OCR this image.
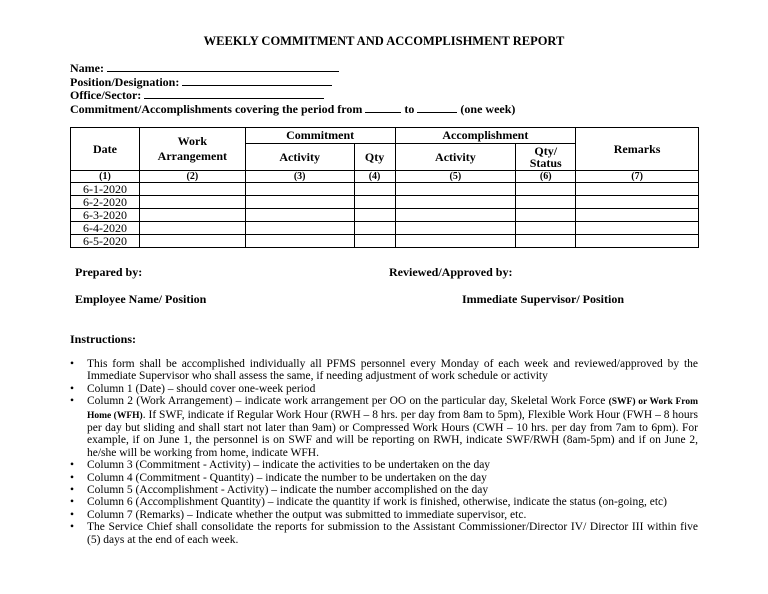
WEEKLY COMMITMENT AND ACCOMPLISHMENT REPORT
Name:
Position/Designation:
Office/Sector:
Commitment/Accomplishments covering the period from	to	(one week)
Date	Work Arrangement	Commitment		Accomplishment		Remarks
		Activity	Qty	Activity	Qty/ Status	
(1)	(2)	(3)	(4)	(5)	(6)	(7)
6-1-2020						
6-2-2020						
6-3-2020						
6-4-2020						
6-5-2020						
Prepared by:	Reviewed/Approved by:
Employee Name/ Position	Immediate Supervisor/ Position
Instructions:
• This form shall be accomplished individually all PFMS personnel every Monday of each week and reviewed/approved by the Immediate Supervisor who shall assess the same, if needing adjustment of work schedule or activity
• Column 1 (Date) – should cover one-week period
• Column 2 (Work Arrangement) – indicate work arrangement per OO on the particular day, Skeletal Work Force (SWF) or Work From Home (WFH). If SWF, indicate if Regular Work Hour (RWH – 8 hrs. per day from 8am to 5pm), Flexible Work Hour (FWH – 8 hours per day but sliding and shall start not later than 9am) or Compressed Work Hours (CWH – 10 hrs. per day from 7am to 6pm). For example, if on June 1, the personnel is on SWF and will be reporting on RWH, indicate SWF/RWH (8am-5pm) and if on June 2, he/she will be working from home, indicate WFH.
• Column 3 (Commitment - Activity) – indicate the activities to be undertaken on the day
• Column 4 (Commitment - Quantity) – indicate the number to be undertaken on the day
• Column 5 (Accomplishment - Activity) – indicate the number accomplished on the day
• Column 6 (Accomplishment Quantity) – indicate the quantity if work is finished, otherwise, indicate the status (on-going, etc)
• Column 7 (Remarks) – Indicate whether the output was submitted to immediate supervisor, etc.
• The Service Chief shall consolidate the reports for submission to the Assistant Commissioner/Director IV/ Director III within five (5) days at the end of each week.
